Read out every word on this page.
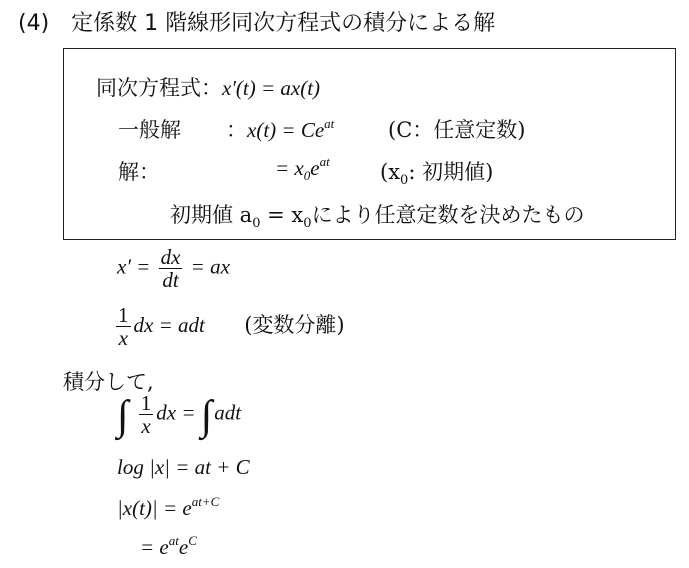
(4)　定係数 1 階線形同次方程式の積分による解
同次方程式：x′(t) = ax(t)
一般解 ：$x(t) = Ce^{at}$	(C：任意定数)
解：	= $x_0e^{at}$ ($x_0$: 初期値)
初期値 $a_0 = x_0$により任意定数を決めたもの
$x' = \frac{dx}{dt}$ = ax
$\frac{1}{x}$ dx = adt (変数分離)
積分して,
∫ $\frac{1}{x}$ dx = ∫adt
log |x| = at + C
$|x(t)| = e^{at+C}$
= $e^{at}e^C$
